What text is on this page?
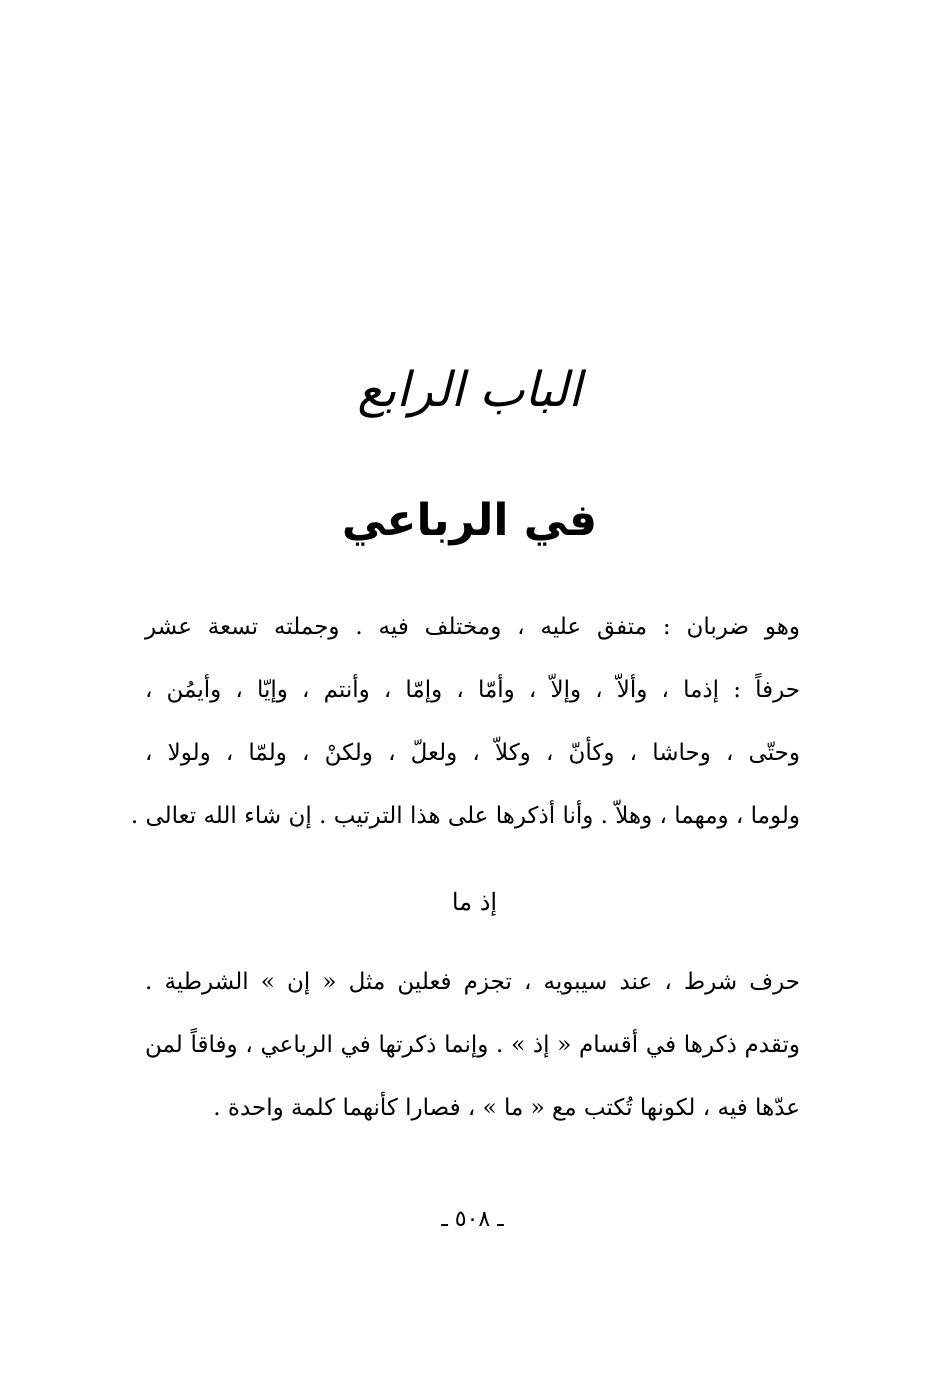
الباب الرابع
في الرباعي
وهو ضربان : متفق عليه ، ومختلف فيه . وجملته تسعة عشر
حرفاً : إذما ، وألاّ ، وإلاّ ، وأمّا ، وإمّا ، وأنتم ، وإيّا ، وأيمُن ،
وحتّى ، وحاشا ، وكأنّ ، وكلاّ ، ولعلّ ، ولكنْ ، ولمّا ، ولولا ،
ولوما ، ومهما ، وهلاّ . وأنا أذكرها على هذا الترتيب . إن شاء الله تعالى .
إذ ما
حرف شرط ، عند سيبويه ، تجزم فعلين مثل « إن » الشرطية .
وتقدم ذكرها في أقسام « إذ » . وإنما ذكرتها في الرباعي ، وفاقاً لمن
عدّها فيه ، لكونها تُكتب مع « ما » ، فصارا كأنهما كلمة واحدة .
ـ ٥٠٨ ـ
